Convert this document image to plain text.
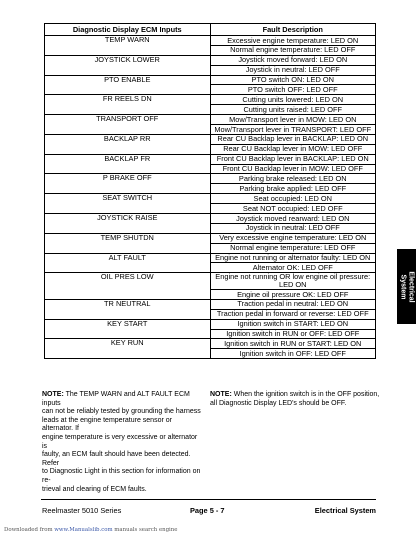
Diagnostic Display ECM Inputs	Fault Description
TEMP WARN	Excessive engine temperature: LED ON
	Normal engine temperature: LED OFF
JOYSTICK LOWER	Joystick moved forward: LED ON
	Joystick in neutral: LED OFF
PTO ENABLE	PTO switch ON: LED ON
	PTO switch OFF: LED OFF
FR REELS DN	Cutting units lowered: LED ON
	Cutting units raised: LED OFF
TRANSPORT OFF	Mow/Transport lever in MOW: LED ON
	Mow/Transport lever in TRANSPORT: LED OFF
BACKLAP RR	Rear CU Backlap lever in BACKLAP: LED ON
	Rear CU Backlap lever in MOW: LED OFF
BACKLAP FR	Front CU Backlap lever in BACKLAP: LED ON
	Front CU Backlap lever in MOW: LED OFF
P BRAKE OFF	Parking brake released: LED ON
	Parking brake applied: LED OFF
SEAT SWITCH	Seat occupied: LED ON
	Seat NOT occupied: LED OFF
JOYSTICK RAISE	Joystick moved rearward: LED ON
	Joystick in neutral: LED OFF
TEMP SHUTDN	Very excessive engine temperature: LED ON
	Normal engine temperature: LED OFF
ALT FAULT	Engine not running or alternator faulty: LED ON
	Alternator OK: LED OFF
OIL PRES LOW	Engine not running OR low engine oil pressure: LED ON
	Engine oil pressure OK: LED OFF
TR NEUTRAL	Traction pedal in neutral: LED ON
	Traction pedal in forward or reverse: LED OFF
KEY START	Ignition switch in START: LED ON
	Ignition switch in RUN or OFF: LED OFF
KEY RUN	Ignition switch in RUN or START: LED ON
	Ignition switch in OFF: LED OFF
Electrical
System
NOTE: The TEMP WARN and ALT FAULT ECM inputs
can not be reliably tested by grounding the harness
leads at the engine temperature sensor or alternator. If
engine temperature is very excessive or alternator is
faulty, an ECM fault should have been detected. Refer
to Diagnostic Light in this section for information on re-
trieval and clearing of ECM faults.
NOTE: When the ignition switch is in the OFF position,
all Diagnostic Display LED's should be OFF.
Reelmaster 5010 Series	Page 5 - 7	Electrical System
Downloaded from www.Manualslib.com manuals search engine
